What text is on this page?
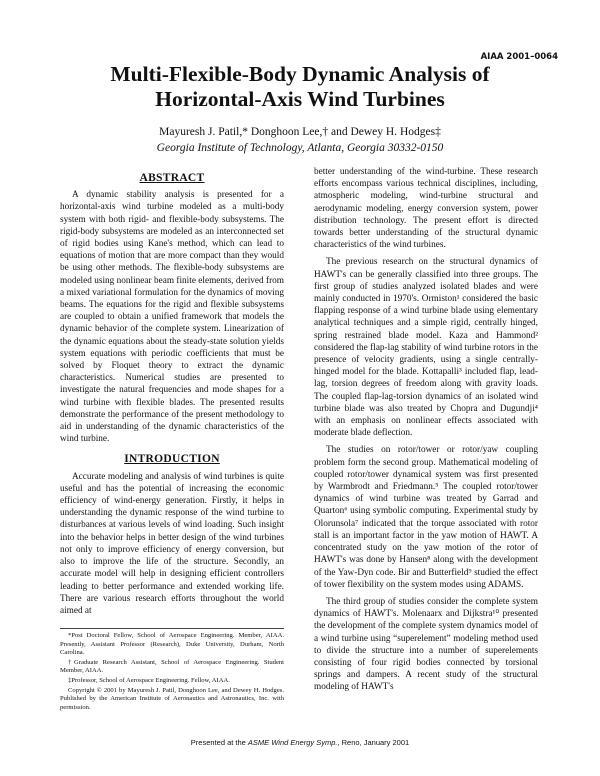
AIAA 2001–0064
Multi-Flexible-Body Dynamic Analysis of
Horizontal-Axis Wind Turbines
Mayuresh J. Patil,* Donghoon Lee,† and Dewey H. Hodges‡
Georgia Institute of Technology, Atlanta, Georgia 30332-0150
ABSTRACT

A dynamic stability analysis is presented for a horizontal-axis wind turbine modeled as a multi-body system with both rigid- and flexible-body subsystems. The rigid-body subsystems are modeled as an interconnected set of rigid bodies using Kane's method, which can lead to equations of motion that are more compact than they would be using other methods. The flexible-body subsystems are modeled using nonlinear beam finite elements, derived from a mixed variational formulation for the dynamics of moving beams. The equations for the rigid and flexible subsystems are coupled to obtain a unified framework that models the dynamic behavior of the complete system. Linearization of the dynamic equations about the steady-state solution yields system equations with periodic coefficients that must be solved by Floquet theory to extract the dynamic characteristics. Numerical studies are presented to investigate the natural frequencies and mode shapes for a wind turbine with flexible blades. The presented results demonstrate the performance of the present methodology to aid in understanding of the dynamic characteristics of the wind turbine.

INTRODUCTION

Accurate modeling and analysis of wind turbines is quite useful and has the potential of increasing the economic efficiency of wind-energy generation. Firstly, it helps in understanding the dynamic response of the wind turbine to disturbances at various levels of wind loading. Such insight into the behavior helps in better design of the wind turbines not only to improve efficiency of energy conversion, but also to improve the life of the structure. Secondly, an accurate model will help in designing efficient controllers leading to better performance and extended working life. There are various research efforts throughout the world aimed at

better understanding of the wind-turbine. These research efforts encompass various technical disciplines, including, atmospheric modeling, wind-turbine structural and aerodynamic modeling, energy conversion system, power distribution technology. The present effort is directed towards better understanding of the structural dynamic characteristics of the wind turbines.

The previous research on the structural dynamics of HAWT's can be generally classified into three groups. The first group of studies analyzed isolated blades and were mainly conducted in 1970's. Ormiston¹ considered the basic flapping response of a wind turbine blade using elementary analytical techniques and a simple rigid, centrally hinged, spring restrained blade model. Kaza and Hammond² considered the flap-lag stability of wind turbine rotors in the presence of velocity gradients, using a single centrally-hinged model for the blade. Kottapalli³ included flap, lead-lag, torsion degrees of freedom along with gravity loads. The coupled flap-lag-torsion dynamics of an isolated wind turbine blade was also treated by Chopra and Dugundji⁴ with an emphasis on nonlinear effects associated with moderate blade deflection.

The studies on rotor/tower or rotor/yaw coupling problem form the second group. Mathematical modeling of coupled rotor/tower dynamical system was first presented by Warmbrodt and Friedmann.⁵ The coupled rotor/tower dynamics of wind turbine was treated by Garrad and Quarton⁶ using symbolic computing. Experimental study by Olorunsola⁷ indicated that the torque associated with rotor stall is an important factor in the yaw motion of HAWT. A concentrated study on the yaw motion of the rotor of HAWT's was done by Hansen⁸ along with the development of the Yaw-Dyn code. Bir and Butterfield⁹ studied the effect of tower flexibility on the system modes using ADAMS.

The third group of studies consider the complete system dynamics of HAWT's. Molenaarx and Dijkstra¹⁰ presented the development of the complete system dynamics model of a wind turbine using “superelement” modeling method used to divide the structure into a number of superelements consisting of four rigid bodies connected by torsional springs and dampers. A recent study of the structural modeling of HAWT's

*Post Doctoral Fellow, School of Aerospace Engineering. Member, AIAA. Presently, Assistant Professor (Research), Duke University, Durham, North Carolina.
†Graduate Research Assistant, School of Aerospace Engineering. Student Member, AIAA.
‡Professor, School of Aerospace Engineering. Fellow, AIAA.
Copyright © 2001 by Mayuresh J. Patil, Donghoon Lee, and Dewey H. Hodges. Published by the American Institute of Aeronautics and Astronautics, Inc. with permission.
Presented at the ASME Wind Energy Symp., Reno, January 2001
